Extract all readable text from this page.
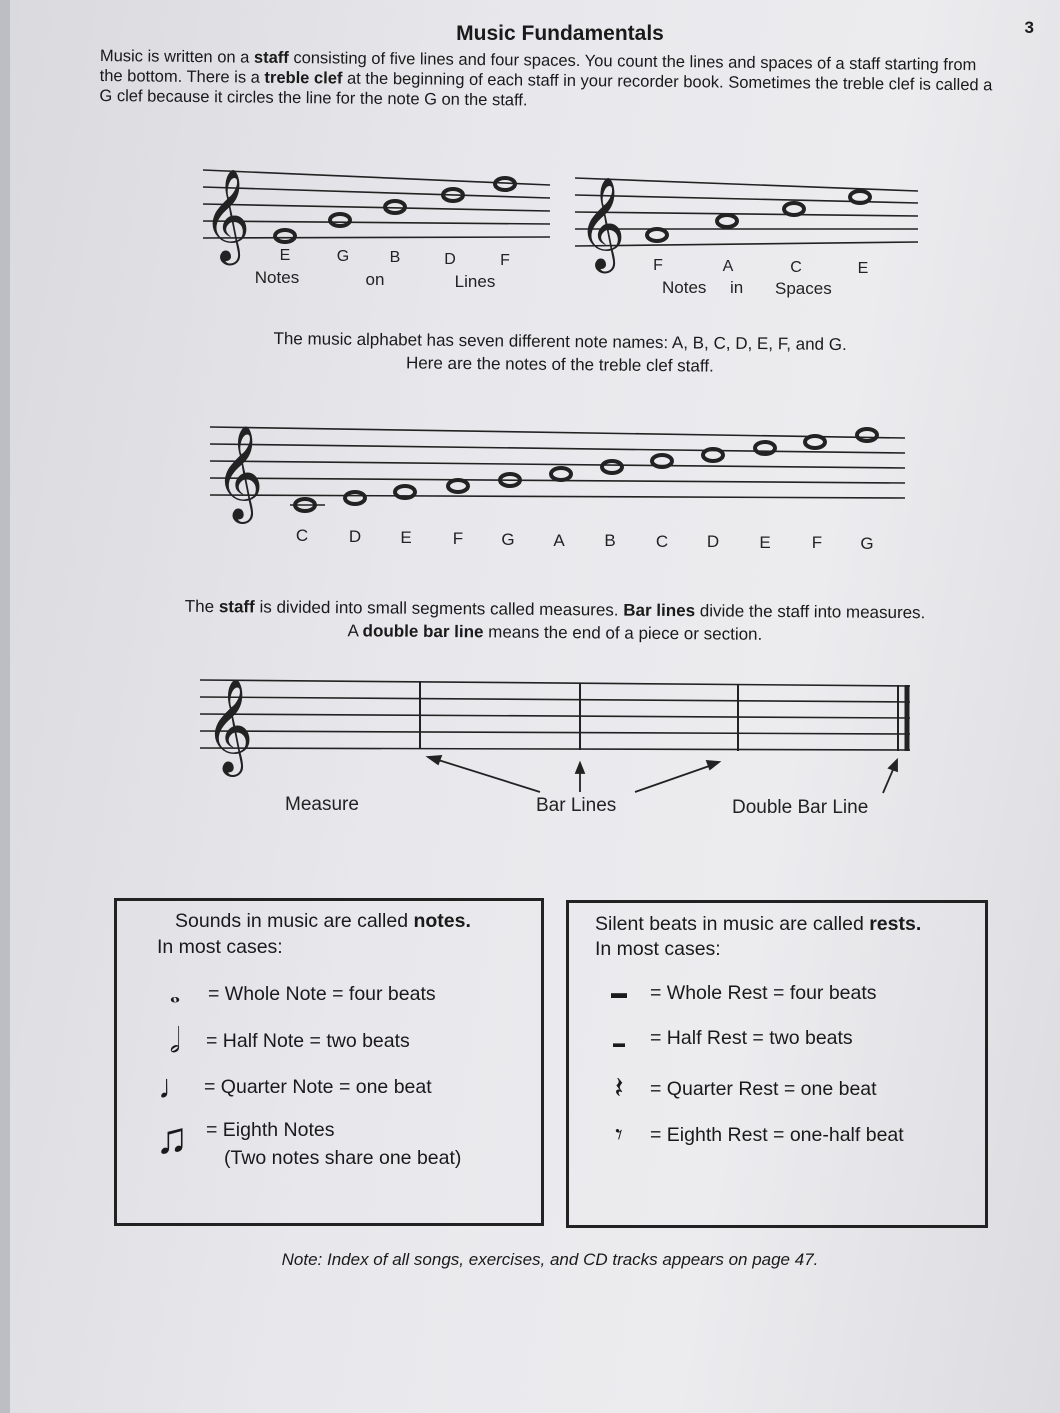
3
Music Fundamentals
Music is written on a staff consisting of five lines and four spaces. You count the lines and spaces of a staff starting from the bottom. There is a treble clef at the beginning of each staff in your recorder book. Sometimes the treble clef is called a G clef because it circles the line for the note G on the staff.
𝄞 E	G	B	D	F
Notes	on	Lines
𝄞 F	A	C	E
Notes in Spaces
The music alphabet has seven different note names: A, B, C, D, E, F, and G.
Here are the notes of the treble clef staff.
𝄞
C D E F G A B C D E F G
The staff is divided into small segments called measures. Bar lines divide the staff into measures.
A double bar line means the end of a piece or section.
𝄞
Measure	Bar Lines	Double Bar Line
Sounds in music are called notes.
In most cases:
𝅝	= Whole Note = four beats
𝅗𝅥	= Half Note = two beats
♩ = Quarter Note = one beat
♫ = Eighth Notes
(Two notes share one beat)
Silent beats in music are called rests.
In most cases:
▬	= Whole Rest = four beats
▬	= Half Rest = two beats
𝄽	= Quarter Rest = one beat
𝄾	= Eighth Rest = one-half beat
Note: Index of all songs, exercises, and CD tracks appears on page 47.
